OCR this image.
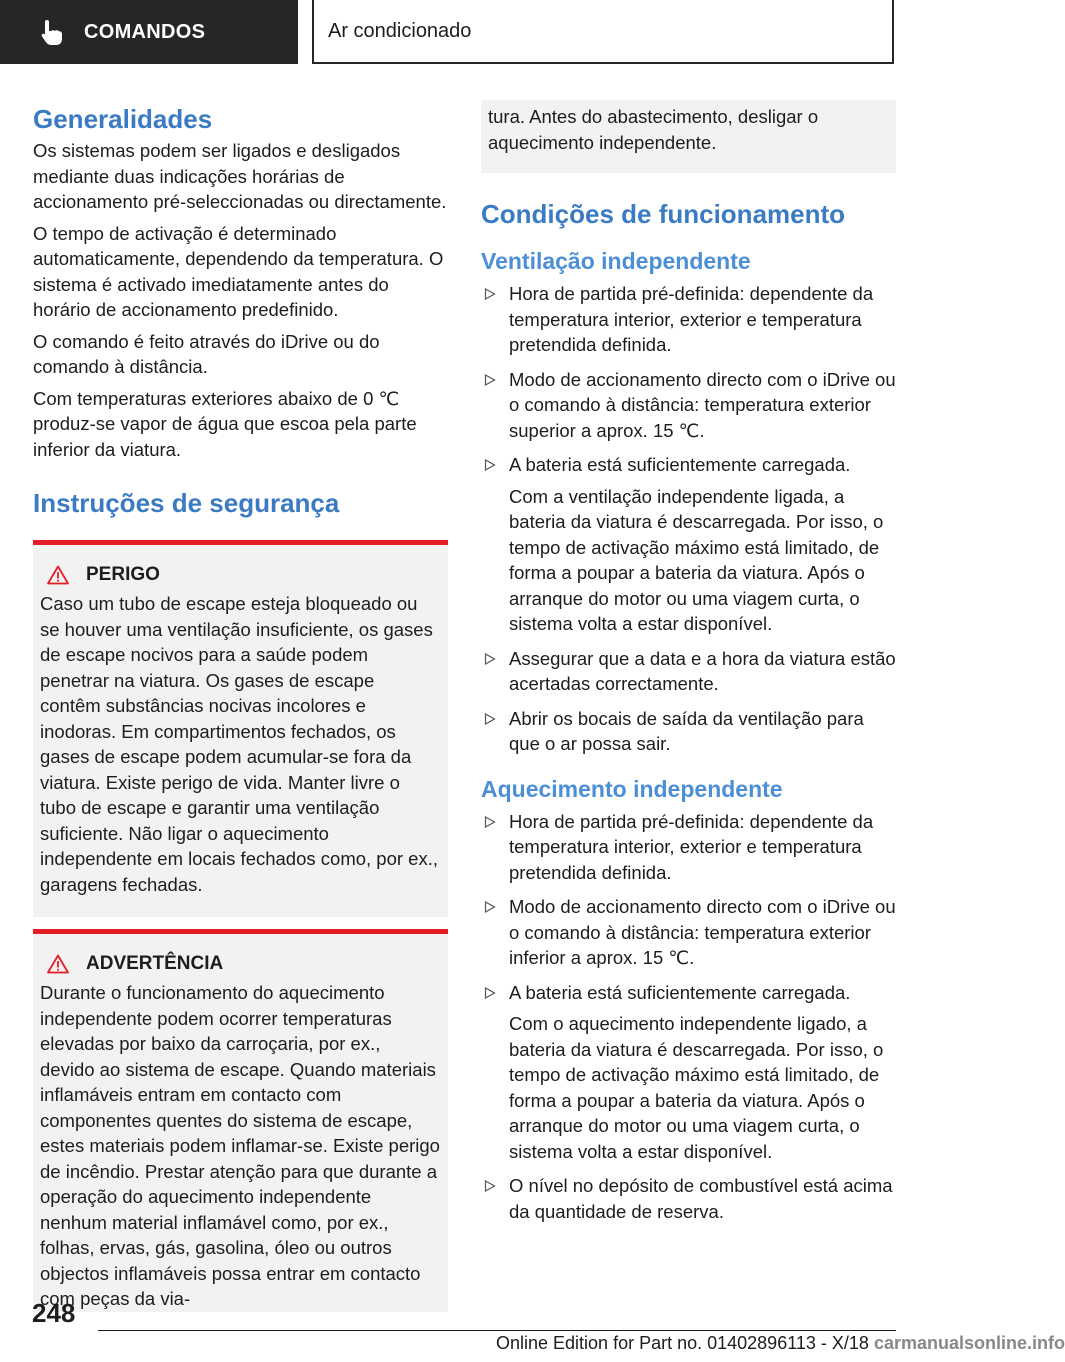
COMANDOS	Ar condicionado
Generalidades

Os sistemas podem ser ligados e desligados mediante duas indicações horárias de accionamento pré-seleccionadas ou directamente.

O tempo de activação é determinado automaticamente, dependendo da temperatura. O sistema é activado imediatamente antes do horário de accionamento predefinido.

O comando é feito através do iDrive ou do comando à distância.

Com temperaturas exteriores abaixo de 0 ℃ produz-se vapor de água que escoa pela parte inferior da viatura.

Instruções de segurança
PERIGO

Caso um tubo de escape esteja bloqueado ou se houver uma ventilação insuficiente, os gases de escape nocivos para a saúde podem penetrar na viatura. Os gases de escape contêm substâncias nocivas incolores e inodoras. Em compartimentos fechados, os gases de escape podem acumular-se fora da viatura. Existe perigo de vida. Manter livre o tubo de escape e garantir uma ventilação suficiente. Não ligar o aquecimento independente em locais fechados como, por ex., garagens fechadas.

ADVERTÊNCIA

Durante o funcionamento do aquecimento independente podem ocorrer temperaturas elevadas por baixo da carroçaria, por ex., devido ao sistema de escape. Quando materiais inflamáveis entram em contacto com componentes quentes do sistema de escape, estes materiais podem inflamar-se. Existe perigo de incêndio. Prestar atenção para que durante a operação do aquecimento independente nenhum material inflamável como, por ex., folhas, ervas, gás, gasolina, óleo ou outros objectos inflamáveis possa entrar em contacto com peças da via-

tura. Antes do abastecimento, desligar o aquecimento independente.

Condições de funcionamento
Ventilação independente

Hora de partida pré-definida: dependente da temperatura interior, exterior e temperatura pretendida definida.

Modo de accionamento directo com o iDrive ou o comando à distância: temperatura exterior superior a aprox. 15 ℃.

A bateria está suficientemente carregada.

Com a ventilação independente ligada, a bateria da viatura é descarregada. Por isso, o tempo de activação máximo está limitado, de forma a poupar a bateria da viatura. Após o arranque do motor ou uma viagem curta, o sistema volta a estar disponível.

Assegurar que a data e a hora da viatura estão acertadas correctamente.

Abrir os bocais de saída da ventilação para que o ar possa sair.

Aquecimento independente

Hora de partida pré-definida: dependente da temperatura interior, exterior e temperatura pretendida definida.

Modo de accionamento directo com o iDrive ou o comando à distância: temperatura exterior inferior a aprox. 15 ℃.

A bateria está suficientemente carregada.

Com o aquecimento independente ligado, a bateria da viatura é descarregada. Por isso, o tempo de activação máximo está limitado, de forma a poupar a bateria da viatura. Após o arranque do motor ou uma viagem curta, o sistema volta a estar disponível.

O nível no depósito de combustível está acima da quantidade de reserva.

248
Online Edition for Part no. 01402896113 - X/18 carmanualsonline.info
